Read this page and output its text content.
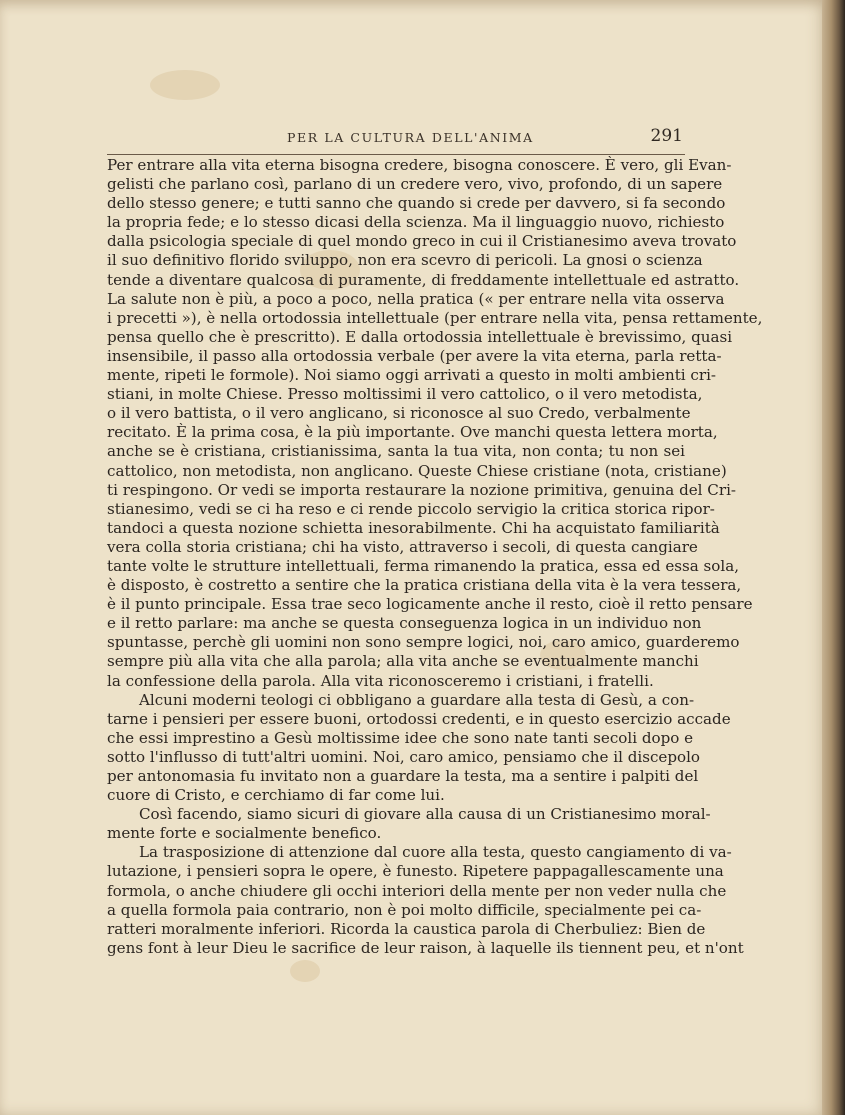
PER LA CULTURA DELL'ANIMA	291

Per entrare alla vita eterna bisogna credere, bisogna conoscere. È vero, gli Evan-
gelisti che parlano così, parlano di un credere vero, vivo, profondo, di un sapere
dello stesso genere; e tutti sanno che quando si crede per davvero, si fa secondo
la propria fede; e lo stesso dicasi della scienza. Ma il linguaggio nuovo, richiesto
dalla psicologia speciale di quel mondo greco in cui il Cristianesimo aveva trovato
il suo definitivo florido sviluppo, non era scevro di pericoli. La gnosi o scienza
tende a diventare qualcosa di puramente, di freddamente intellettuale ed astratto.
La salute non è più, a poco a poco, nella pratica (« per entrare nella vita osserva
i precetti »), è nella ortodossia intellettuale (per entrare nella vita, pensa rettamente,
pensa quello che è prescritto). E dalla ortodossia intellettuale è brevissimo, quasi
insensibile, il passo alla ortodossia verbale (per avere la vita eterna, parla retta-
mente, ripeti le formole). Noi siamo oggi arrivati a questo in molti ambienti cri-
stiani, in molte Chiese. Presso moltissimi il vero cattolico, o il vero metodista,
o il vero battista, o il vero anglicano, si riconosce al suo Credo, verbalmente
recitato. È la prima cosa, è la più importante. Ove manchi questa lettera morta,
anche se è cristiana, cristianissima, santa la tua vita, non conta; tu non sei
cattolico, non metodista, non anglicano. Queste Chiese cristiane (nota, cristiane)
ti respingono. Or vedi se importa restaurare la nozione primitiva, genuina del Cri-
stianesimo, vedi se ci ha reso e ci rende piccolo servigio la critica storica ripor-
tandoci a questa nozione schietta inesorabilmente. Chi ha acquistato familiarità
vera colla storia cristiana; chi ha visto, attraverso i secoli, di questa cangiare
tante volte le strutture intellettuali, ferma rimanendo la pratica, essa ed essa sola,
è disposto, è costretto a sentire che la pratica cristiana della vita è la vera tessera,
è il punto principale. Essa trae seco logicamente anche il resto, cioè il retto pensare
e il retto parlare: ma anche se questa conseguenza logica in un individuo non
spuntasse, perchè gli uomini non sono sempre logici, noi, caro amico, guarderemo
sempre più alla vita che alla parola; alla vita anche se eventualmente manchi
la confessione della parola. Alla vita riconosceremo i cristiani, i fratelli.

Alcuni moderni teologi ci obbligano a guardare alla testa di Gesù, a con-
tarne i pensieri per essere buoni, ortodossi credenti, e in questo esercizio accade
che essi imprestino a Gesù moltissime idee che sono nate tanti secoli dopo e
sotto l'influsso di tutt'altri uomini. Noi, caro amico, pensiamo che il discepolo
per antonomasia fu invitato non a guardare la testa, ma a sentire i palpiti del
cuore di Cristo, e cerchiamo di far come lui.

Così facendo, siamo sicuri di giovare alla causa di un Cristianesimo moral-
mente forte e socialmente benefico.

La trasposizione di attenzione dal cuore alla testa, questo cangiamento di va-
lutazione, i pensieri sopra le opere, è funesto. Ripetere pappagallescamente una
formola, o anche chiudere gli occhi interiori della mente per non veder nulla che
a quella formola paia contrario, non è poi molto difficile, specialmente pei ca-
ratteri moralmente inferiori. Ricorda la caustica parola di Cherbuliez: Bien de
gens font à leur Dieu le sacrifice de leur raison, à laquelle ils tiennent peu, et n'ont
